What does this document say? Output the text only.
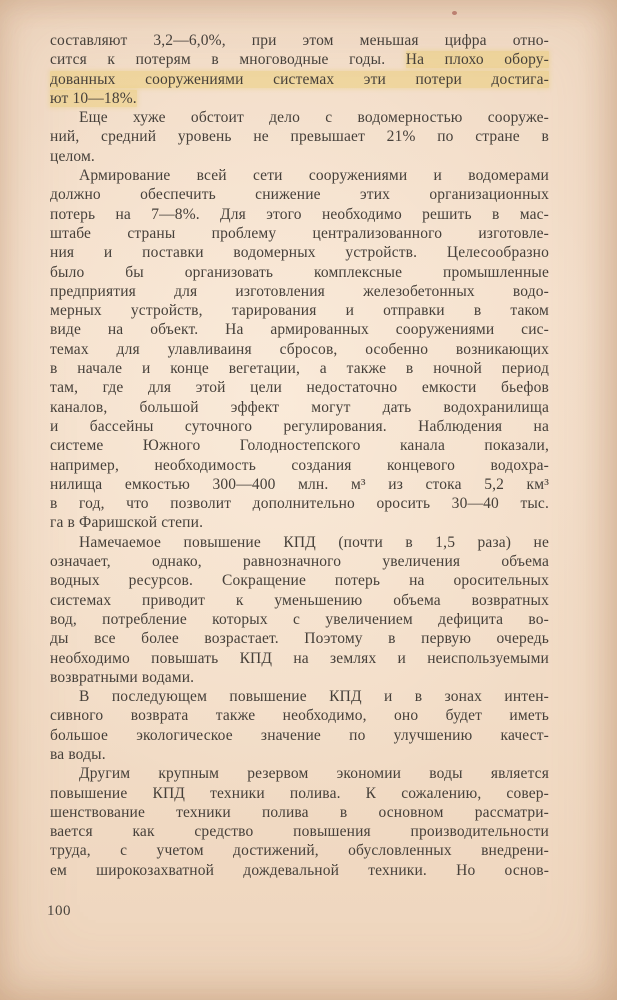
составляют 3,2—6,0%, при этом меньшая цифра отно-
сится к потерям в многоводные годы. На плохо обору-
дованных сооружениями системах эти потери достига-
ют 10—18%.
Еще хуже обстоит дело с водомерностью сооруже-
ний, средний уровень не превышает 21% по стране в
целом.
Армирование всей сети сооружениями и водомерами
должно обеспечить снижение этих организационных
потерь на 7—8%. Для этого необходимо решить в мас-
штабе страны проблему централизованного изготовле-
ния и поставки водомерных устройств. Целесообразно
было бы организовать комплексные промышленные
предприятия для изготовления железобетонных водо-
мерных устройств, тарирования и отправки в таком
виде на объект. На армированных сооружениями сис-
темах для улавливаиня сбросов, особенно возникающих
в начале и конце вегетации, а также в ночной период
там, где для этой цели недостаточно емкости бьефов
каналов, большой эффект могут дать водохранилища
и бассейны суточного регулирования. Наблюдения на
системе Южного Голодностепского канала показали,
например, необходимость создания концевого водохра-
нилища емкостью 300—400 млн. м³ из стока 5,2 км³
в год, что позволит дополнительно оросить 30—40 тыс.
га в Фаришской степи.
Намечаемое повышение КПД (почти в 1,5 раза) не
означает, однако, равнозначного увеличения объема
водных ресурсов. Сокращение потерь на оросительных
системах приводит к уменьшению объема возвратных
вод, потребление которых с увеличением дефицита во-
ды все более возрастает. Поэтому в первую очередь
необходимо повышать КПД на землях и неиспользуемыми
возвратными водами.
В последующем повышение КПД и в зонах интен-
сивного возврата также необходимо, оно будет иметь
большое экологическое значение по улучшению качест-
ва воды.
Другим крупным резервом экономии воды является
повышение КПД техники полива. К сожалению, совер-
шенствование техники полива в основном рассматри-
вается как средство повышения производительности
труда, с учетом достижений, обусловленных внедрени-
ем широкозахватной дождевальной техники. Но основ-
100
